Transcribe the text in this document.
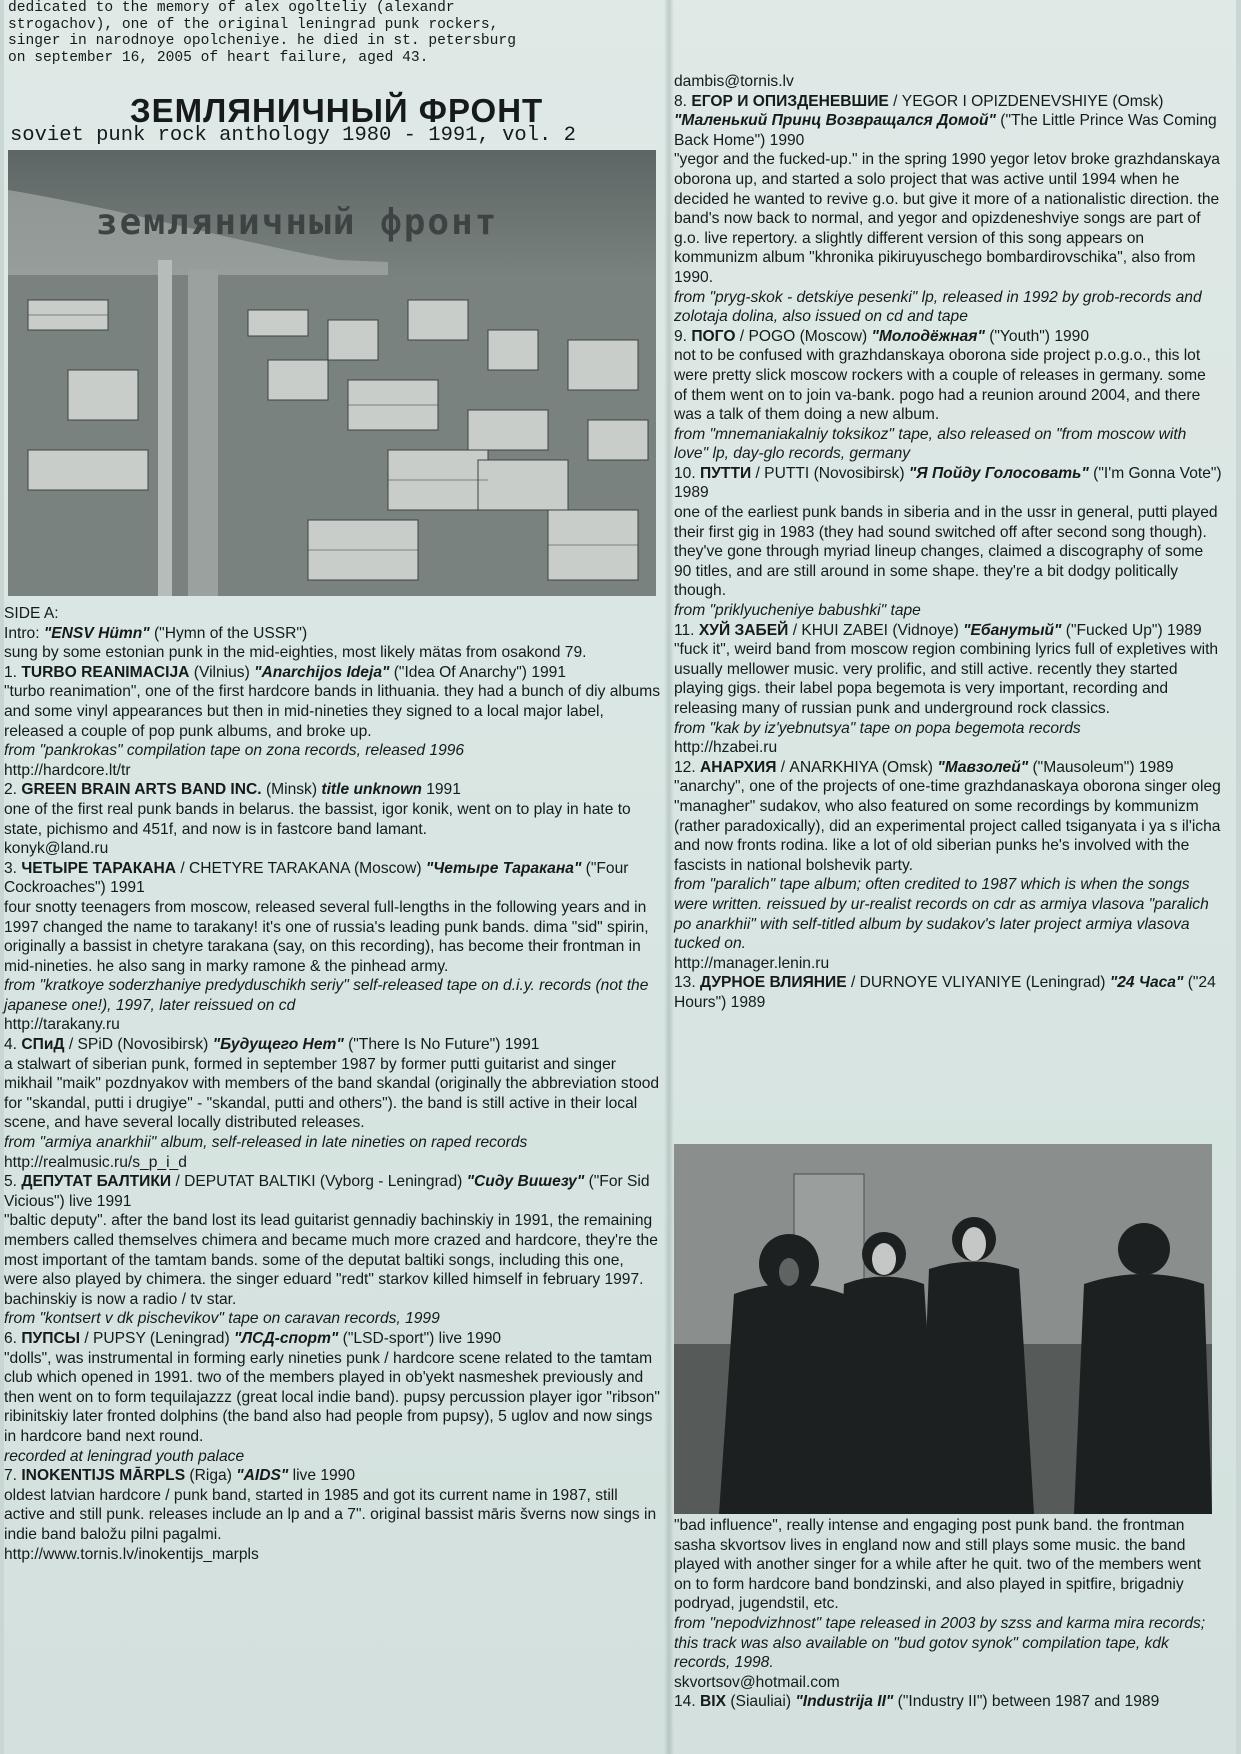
dedicated to the memory of alex ogolteliy (alexandr
strogachov), one of the original leningrad punk rockers,
singer in narodnoye opolcheniye. he died in st. petersburg
on september 16, 2005 of heart failure, aged 43.
ЗЕМЛЯНИЧНЫЙ ФРОНТ
soviet punk rock anthology 1980 - 1991, vol. 2
земляничный фронт

SIDE A:

Intro: "ENSV Hümn" ("Hymn of the USSR")

sung by some estonian punk in the mid-eighties, most likely mätas from osakond 79.

1. TURBO REANIMACIJA (Vilnius) "Anarchijos Ideja" ("Idea Of Anarchy") 1991

"turbo reanimation", one of the first hardcore bands in lithuania. they had a bunch of diy albums and some vinyl appearances but then in mid-nineties they signed to a local major label, released a couple of pop punk albums, and broke up.

from "pankrokas" compilation tape on zona records, released 1996

http://hardcore.lt/tr

2. GREEN BRAIN ARTS BAND INC. (Minsk) title unknown 1991

one of the first real punk bands in belarus. the bassist, igor konik, went on to play in hate to state, pichismo and 451f, and now is in fastcore band lamant.

konyk@land.ru

3. ЧЕТЫРЕ ТАРАКАНА / CHETYRE TARAKANA (Moscow) "Четыре Таракана" ("Four Cockroaches") 1991

four snotty teenagers from moscow, released several full-lengths in the following years and in 1997 changed the name to tarakany! it's one of russia's leading punk bands. dima "sid" spirin, originally a bassist in chetyre tarakana (say, on this recording), has become their frontman in mid-nineties. he also sang in marky ramone & the pinhead army.

from "kratkoye soderzhaniye predyduschikh seriy" self-released tape on d.i.y. records (not the japanese one!), 1997, later reissued on cd

http://tarakany.ru

4. СПиД / SPiD (Novosibirsk) "Будущего Нет" ("There Is No Future") 1991

a stalwart of siberian punk, formed in september 1987 by former putti guitarist and singer mikhail "maik" pozdnyakov with members of the band skandal (originally the abbreviation stood for "skandal, putti i drugiye" - "skandal, putti and others"). the band is still active in their local scene, and have several locally distributed releases.

from "armiya anarkhii" album, self-released in late nineties on raped records

http://realmusic.ru/s_p_i_d

5. ДЕПУТАТ БАЛТИКИ / DEPUTAT BALTIKI (Vyborg - Leningrad) "Сиду Вишезу" ("For Sid Vicious") live 1991

"baltic deputy". after the band lost its lead guitarist gennadiy bachinskiy in 1991, the remaining members called themselves chimera and became much more crazed and hardcore, they're the most important of the tamtam bands. some of the deputat baltiki songs, including this one, were also played by chimera. the singer eduard "redt" starkov killed himself in february 1997. bachinskiy is now a radio / tv star.

from "kontsert v dk pischevikov" tape on caravan records, 1999

6. ПУПСЫ / PUPSY (Leningrad) "ЛСД-спорт" ("LSD-sport") live 1990

"dolls", was instrumental in forming early nineties punk / hardcore scene related to the tamtam club which opened in 1991. two of the members played in ob'yekt nasmeshek previously and then went on to form tequilajazzz (great local indie band). pupsy percussion player igor "ribson" ribinitskiy later fronted dolphins (the band also had people from pupsy), 5 uglov and now sings in hardcore band next round.

recorded at leningrad youth palace

7. INOKENTIJS MĀRPLS (Riga) "AIDS" live 1990

oldest latvian hardcore / punk band, started in 1985 and got its current name in 1987, still active and still punk. releases include an lp and a 7". original bassist māris šverns now sings in indie band baložu pilni pagalmi.

http://www.tornis.lv/inokentijs_marpls

dambis@tornis.lv

8. ЕГОР И ОПИЗДЕНЕВШИЕ / YEGOR I OPIZDENEVSHIYE (Omsk) "Маленький Принц Возвращался Домой" ("The Little Prince Was Coming Back Home") 1990

"yegor and the fucked-up." in the spring 1990 yegor letov broke grazhdanskaya oborona up, and started a solo project that was active until 1994 when he decided he wanted to revive g.o. but give it more of a nationalistic direction. the band's now back to normal, and yegor and opizdeneshviye songs are part of g.o. live repertory. a slightly different version of this song appears on kommunizm album "khronika pikiruyuschego bombardirovschika", also from 1990.

from "pryg-skok - detskiye pesenki" lp, released in 1992 by grob-records and zolotaja dolina, also issued on cd and tape

9. ПОГО / POGO (Moscow) "Молодёжная" ("Youth") 1990

not to be confused with grazhdanskaya oborona side project p.o.g.o., this lot were pretty slick moscow rockers with a couple of releases in germany. some of them went on to join va-bank. pogo had a reunion around 2004, and there was a talk of them doing a new album.

from "mnemaniakalniy toksikoz" tape, also released on "from moscow with love" lp, day-glo records, germany

10. ПУТТИ / PUTTI (Novosibirsk) "Я Пойду Голосовать" ("I'm Gonna Vote") 1989

one of the earliest punk bands in siberia and in the ussr in general, putti played their first gig in 1983 (they had sound switched off after second song though). they've gone through myriad lineup changes, claimed a discography of some 90 titles, and are still around in some shape. they're a bit dodgy politically though.

from "priklyucheniye babushki" tape

11. ХУЙ ЗАБЕЙ / KHUI ZABEI (Vidnoye) "Ебанутый" ("Fucked Up") 1989

"fuck it", weird band from moscow region combining lyrics full of expletives with usually mellower music. very prolific, and still active. recently they started playing gigs. their label popa begemota is very important, recording and releasing many of russian punk and underground rock classics.

from "kak by iz'yebnutsya" tape on popa begemota records

http://hzabei.ru

12. АНАРХИЯ / ANARKHIYA (Omsk) "Мавзолей" ("Mausoleum") 1989

"anarchy", one of the projects of one-time grazhdanaskaya oborona singer oleg "managher" sudakov, who also featured on some recordings by kommunizm (rather paradoxically), did an experimental project called tsiganyata i ya s il'icha and now fronts rodina. like a lot of old siberian punks he's involved with the fascists in national bolshevik party.

from "paralich" tape album; often credited to 1987 which is when the songs were written. reissued by ur-realist records on cdr as armiya vlasova "paralich po anarkhii" with self-titled album by sudakov's later project armiya vlasova tucked on.

http://manager.lenin.ru

13. ДУРНОЕ ВЛИЯНИЕ / DURNOYE VLIYANIYE (Leningrad) "24 Часа" ("24 Hours") 1989

"bad influence", really intense and engaging post punk band. the frontman sasha skvortsov lives in england now and still plays some music. the band played with another singer for a while after he quit. two of the members went on to form hardcore band bondzinski, and also played in spitfire, brigadniy podryad, jugendstil, etc.

from "nepodvizhnost" tape released in 2003 by szss and karma mira records; this track was also available on "bud gotov synok" compilation tape, kdk records, 1998.

skvortsov@hotmail.com

14. BIX (Siauliai) "Industrija II" ("Industry II") between 1987 and 1989
